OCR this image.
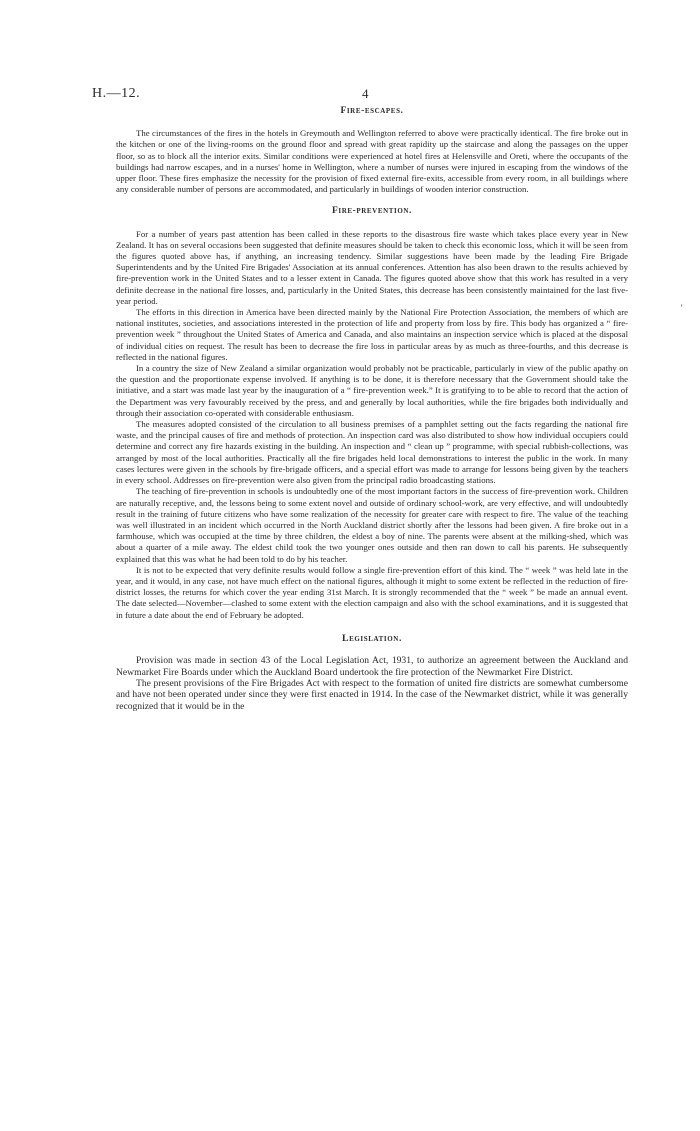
H.—12.	4
Fire-escapes.

The circumstances of the fires in the hotels in Greymouth and Wellington referred to above were practically identical. The fire broke out in the kitchen or one of the living-rooms on the ground floor and spread with great rapidity up the staircase and along the passages on the upper floor, so as to block all the interior exits. Similar conditions were experienced at hotel fires at Helensville and Oreti, where the occupants of the buildings had narrow escapes, and in a nurses' home in Wellington, where a number of nurses were injured in escaping from the windows of the upper floor. These fires emphasize the necessity for the provision of fixed external fire-exits, accessible from every room, in all buildings where any considerable number of persons are accommodated, and particularly in buildings of wooden interior construction.

Fire-prevention.

For a number of years past attention has been called in these reports to the disastrous fire waste which takes place every year in New Zealand. It has on several occasions been suggested that definite measures should be taken to check this economic loss, which it will be seen from the figures quoted above has, if anything, an increasing tendency. Similar suggestions have been made by the leading Fire Brigade Superintendents and by the United Fire Brigades' Association at its annual conferences. Attention has also been drawn to the results achieved by fire-prevention work in the United States and to a lesser extent in Canada. The figures quoted above show that this work has resulted in a very definite decrease in the national fire losses, and, particularly in the United States, this decrease has been consistently maintained for the last five-year period.

The efforts in this direction in America have been directed mainly by the National Fire Protection Association, the members of which are national institutes, societies, and associations interested in the protection of life and property from loss by fire. This body has organized a “ fire-prevention week ” throughout the United States of America and Canada, and also maintains an inspection service which is placed at the disposal of individual cities on request. The result has been to decrease the fire loss in particular areas by as much as three-fourths, and this decrease is reflected in the national figures.

In a country the size of New Zealand a similar organization would probably not be practicable, particularly in view of the public apathy on the question and the proportionate expense involved. If anything is to be done, it is therefore necessary that the Government should take the initiative, and a start was made last year by the inauguration of a “ fire-prevention week.” It is gratifying to to be able to record that the action of the Department was very favourably received by the press, and and generally by local authorities, while the fire brigades both individually and through their association co-operated with considerable enthusiasm.

The measures adopted consisted of the circulation to all business premises of a pamphlet setting out the facts regarding the national fire waste, and the principal causes of fire and methods of protection. An inspection card was also distributed to show how individual occupiers could determine and correct any fire hazards existing in the building. An inspection and “ clean up ” programme, with special rubbish-collections, was arranged by most of the local authorities. Practically all the fire brigades held local demonstrations to interest the public in the work. In many cases lectures were given in the schools by fire-brigade officers, and a special effort was made to arrange for lessons being given by the teachers in every school. Addresses on fire-prevention were also given from the principal radio broadcasting stations.

The teaching of fire-prevention in schools is undoubtedly one of the most important factors in the success of fire-prevention work. Children are naturally receptive, and, the lessons being to some extent novel and outside of ordinary school-work, are very effective, and will undoubtedly result in the training of future citizens who have some realization of the necessity for greater care with respect to fire. The value of the teaching was well illustrated in an incident which occurred in the North Auckland district shortly after the lessons had been given. A fire broke out in a farmhouse, which was occupied at the time by three children, the eldest a boy of nine. The parents were absent at the milking-shed, which was about a quarter of a mile away. The eldest child took the two younger ones outside and then ran down to call his parents. He subsequently explained that this was what he had been told to do by his teacher.

It is not to be expected that very definite results would follow a single fire-prevention effort of this kind. The “ week ” was held late in the year, and it would, in any case, not have much effect on the national figures, although it might to some extent be reflected in the reduction of fire-district losses, the returns for which cover the year ending 31st March. It is strongly recommended that the “ week ” be made an annual event. The date selected—November—clashed to some extent with the election campaign and also with the school examinations, and it is suggested that in future a date about the end of February be adopted.

Legislation.

Provision was made in section 43 of the Local Legislation Act, 1931, to authorize an agreement between the Auckland and Newmarket Fire Boards under which the Auckland Board undertook the fire protection of the Newmarket Fire District.

The present provisions of the Fire Brigades Act with respect to the formation of united fire districts are somewhat cumbersome and have not been operated under since they were first enacted in 1914. In the case of the Newmarket district, while it was generally recognized that it would be in the

‘
